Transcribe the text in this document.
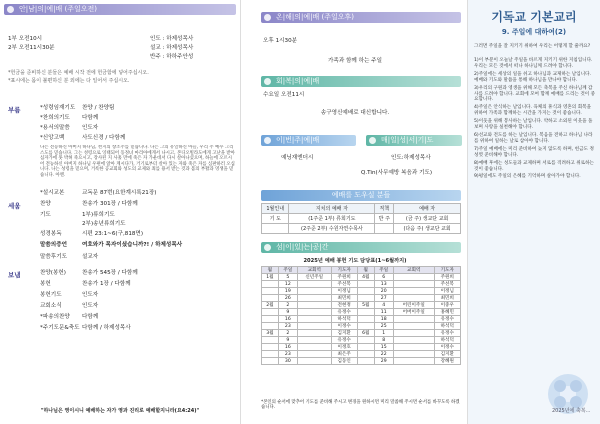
안|남|의|예|배 (주일오전)
1부 오전10시	인도 : 하제성목사
2부 오전11시30분	설교 : 하제성목사
반주 : 하하주안성
*헌금을 준비하신 분들은 예배 시작 전에 헌금함에 넣어주십시오.
*표시에는 몸이 불편하신 분 외에는 다 일어서 주십시오.
부름	*성령임재기도 찬양 / 찬양팀
*찬희의기도 다함께
*용서의말씀 인도자
*신앙고백	사도신경 / 다함께
나는 전능하신 아버지 하나님, 천지의 창조주를 믿습니다. 나는 그의 유일하신 아들, 우리 주 예수 그리스도를 믿습니다. 그는 성령으로 잉태되어 동정녀 마리아에게서 나시고, 본디오빌라도에게 고난을 받아 십자가에 못 박혀 죽으시고, 장사된 지 사흘 만에 죽은 자 가운데서 다시 살아나셨으며, 하늘에 오르시어 전능하신 아버지 하나님 우편에 앉아 계시다가, 거기로부터 살아 있는 자와 죽은 자를 심판하러 오십니다. 나는 성령을 믿으며, 거룩한 공교회와 성도의 교제와 죄를 용서 받는 것과 몸의 부활과 영생을 믿습니다. 아멘.
*설시교본	교독문 87번(요한계시록21장)
세움	찬양	찬송가 301장 / 다함께
기도	1부)류희기도
2부)송년류희기도
성경봉독	시편 23:1~6(구,818면)
말씀의증언	여호와가 목자이셨습니까?! / 하제성목사
말씀후기도	설교자
보냄	찬양(봉헌)	찬송가 545장 / 다함께
봉헌	찬송가 1장 / 다함께
봉헌기도	인도자
교회소식	인도자
*파송의찬양 다함께
*주기도문&축도 다함께 / 하제성목사
"하나님은 영이시니 예배하는 자가 영과 진리로 예배할지니라(요4:24)"
온|해|의|예|배 (주일오후)
오후 1시30분
가족과 함께 하는 주일
회|복|의|예|배
수요일 오전11시
송구영신예배로 대신합니다.
이|번|주|예|배	매|일|성|서|기|도
예닝재엔더시	인도:하제성목사
Q.Tin(사무예방 복음과 기도)
예배를 도우실 분들
1월인내	지치의 예배 자	직책	예배 자
기 도	(1주준 1부) 류희기도	반 주	(금 주) 생교단 교회
	(2주준 2부) 수원자연수목사		(다음 주) 생교단 교회
섬|이|있|는|공|간
2025년 예배 봉헌 기도 담당표(1~6월까지)
월	주일	교회역	기도자	월	주일	교회역	기도자
1월	5	신년주일	주원희	4월	6		주원희
	12		주선복		13		주선복
	19		이정님		20		이정님
	26		최민희		27		최민희
2월	2		전현정	5월	4	어린이주일	이중우
	9		유정수		11	어버이주일	홍혜민
	16		하석덕		18		유정수
	23		이정수		25		하석덕
3월	2		김지환	6월	1		유정수
	9		유정수		8		하석덕
	16		이정호		15		이정수
	23		최은주		22		김지환
	30		김동인		29		강혜원
*본인의 순서에 맞추어 기도를 준비해 주시고 변경을 원하시면 미리 말씀해 주시면 순서를 바꾸도록 하겠습니다.
기독교 기본교리
9. 주일에 대하여(2)
그러면 주일을 잘 지키기 위하여 우리는 어떻게 할 줄까요?
1)이 부분이 오늘날 주일을 바르게 지키기 위한 지침입니다. 우리는 모든 것에서 떠나 하나님께 드려야 합니다.
2)주일에는 세상의 일을 쉬고 하나님과 교제하는 날입니다. 예배와 기도와 말씀을 통해 하나님을 만나야 합니다.
3)우리의 구원과 영생을 위해 모든 축복을 주신 하나님께 감사를 드려야 합니다. 교회에 모여 함께 예배를 드리는 것이 중요합니다.
4)주일은 안식하는 날입니다. 육체의 휴식과 영혼의 회복을 위하여 가족과 함께하는 시간을 가지는 것이 좋습니다.
5)이웃을 위해 봉사하는 날입니다. 약하고 소외된 이웃을 돌보며 사랑을 실천해야 합니다.
6)선교와 전도를 하는 날입니다. 복음을 전하고 하나님 나라를 위하여 일하는 날로 삼아야 합니다.
7)주일 예배에는 미리 준비하여 늦지 않도록 하며, 헌금도 정성껏 준비해야 합니다.
8)예배 후에는 성도들과 교제하며 서로를 격려하고 위로하는 것이 좋습니다.
9)평일에도 주일의 은혜를 기억하며 살아가야 합니다.
2025년에 축복...
